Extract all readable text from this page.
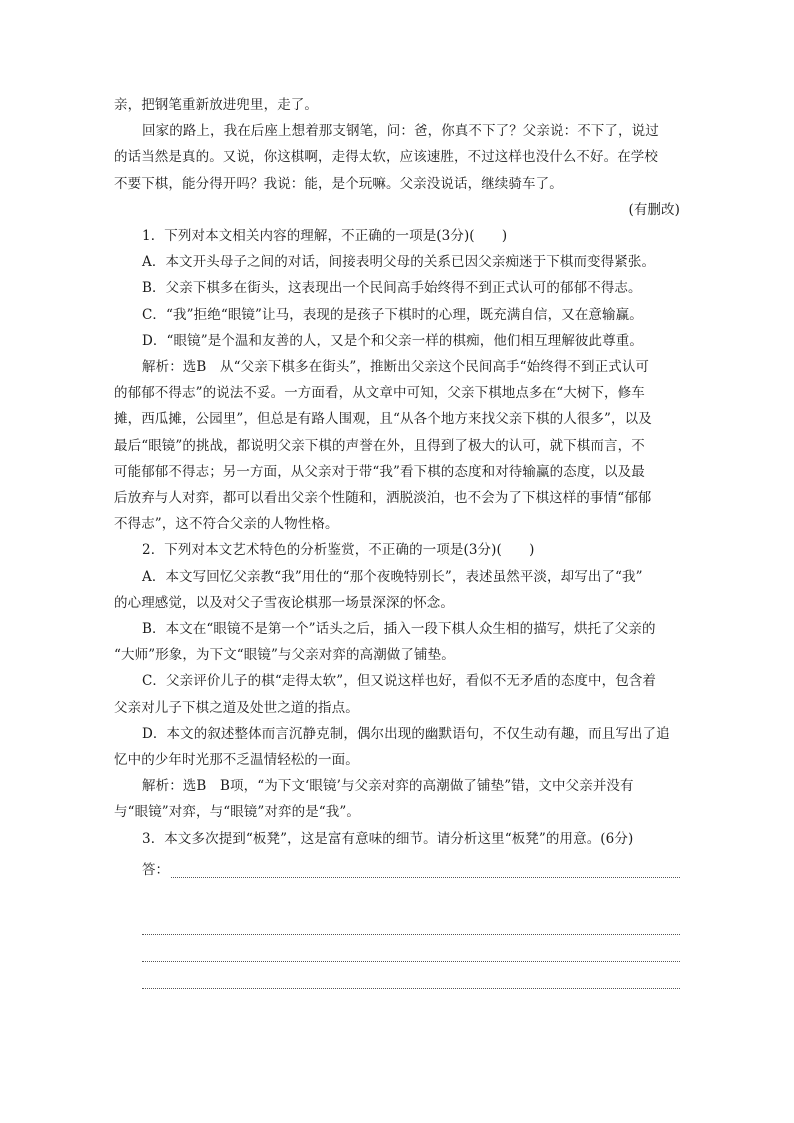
亲，把钢笔重新放进兜里，走了。
回家的路上，我在后座上想着那支钢笔，问：爸，你真不下了？父亲说：不下了，说过
的话当然是真的。又说，你这棋啊，走得太软，应该速胜，不过这样也没什么不好。在学校
不要下棋，能分得开吗？我说：能，是个玩嘛。父亲没说话，继续骑车了。
(有删改)
1．下列对本文相关内容的理解，不正确的一项是(3分)(　　)
A．本文开头母子之间的对话，间接表明父母的关系已因父亲痴迷于下棋而变得紧张。
B．父亲下棋多在街头，这表现出一个民间高手始终得不到正式认可的郁郁不得志。
C．“我”拒绝“眼镜”让马，表现的是孩子下棋时的心理，既充满自信，又在意输赢。
D．“眼镜”是个温和友善的人，又是个和父亲一样的棋痴，他们相互理解彼此尊重。
解析：选B　从“父亲下棋多在街头”，推断出父亲这个民间高手“始终得不到正式认可
的郁郁不得志”的说法不妥。一方面看，从文章中可知，父亲下棋地点多在“大树下，修车
摊，西瓜摊，公园里”，但总是有路人围观，且“从各个地方来找父亲下棋的人很多”，以及
最后“眼镜”的挑战，都说明父亲下棋的声誉在外，且得到了极大的认可，就下棋而言，不
可能郁郁不得志；另一方面，从父亲对于带“我”看下棋的态度和对待输赢的态度，以及最
后放弃与人对弈，都可以看出父亲个性随和，洒脱淡泊，也不会为了下棋这样的事情“郁郁
不得志”，这不符合父亲的人物性格。
2．下列对本文艺术特色的分析鉴赏，不正确的一项是(3分)(　　)
A．本文写回忆父亲教“我”用仕的“那个夜晚特别长”，表述虽然平淡，却写出了“我”
的心理感觉，以及对父子雪夜论棋那一场景深深的怀念。
B．本文在“眼镜不是第一个”话头之后，插入一段下棋人众生相的描写，烘托了父亲的
“大师”形象，为下文“眼镜”与父亲对弈的高潮做了铺垫。
C．父亲评价儿子的棋“走得太软”，但又说这样也好，看似不无矛盾的态度中，包含着
父亲对儿子下棋之道及处世之道的指点。
D．本文的叙述整体而言沉静克制，偶尔出现的幽默语句，不仅生动有趣，而且写出了追
忆中的少年时光那不乏温情轻松的一面。
解析：选B　B项，“为下文‘眼镜’与父亲对弈的高潮做了铺垫”错，文中父亲并没有
与“眼镜”对弈，与“眼镜”对弈的是“我”。
3．本文多次提到“板凳”，这是富有意味的细节。请分析这里“板凳”的用意。(6分)
答：
